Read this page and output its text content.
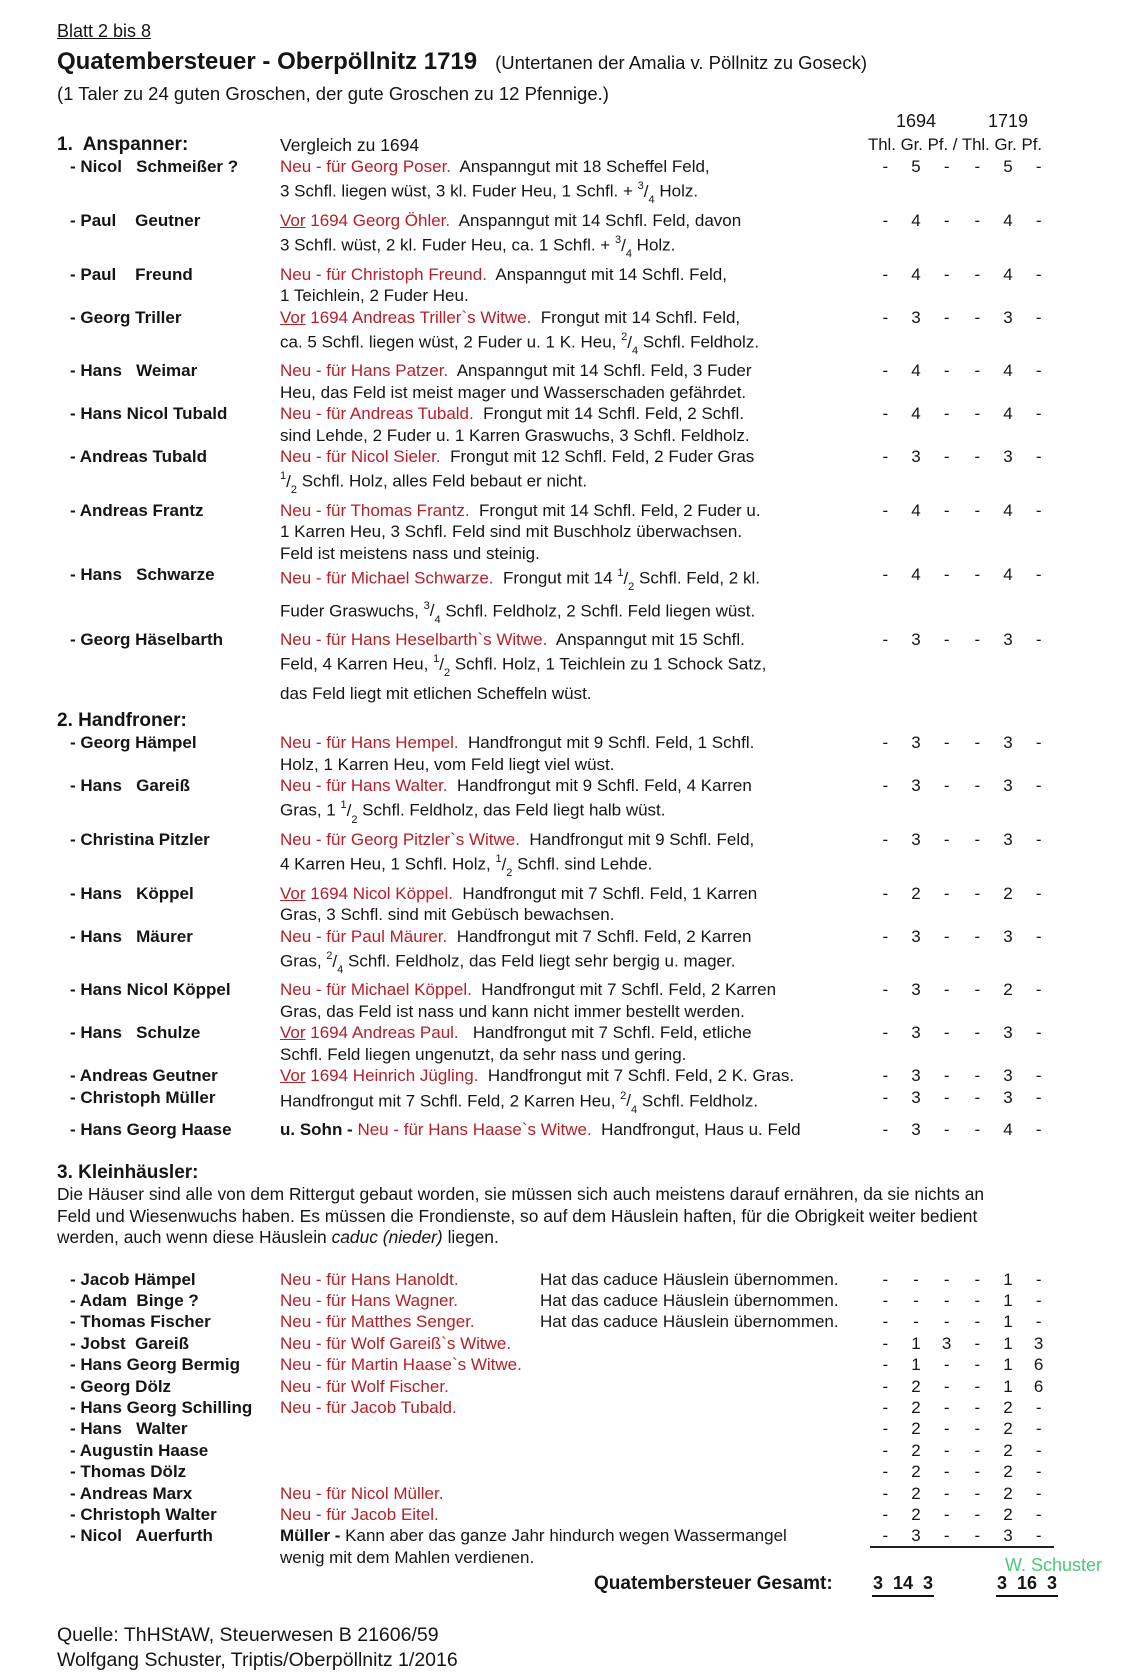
Blatt 2 bis 8
Quatembersteuer - Oberpöllnitz 1719 (Untertanen der Amalia v. Pöllnitz zu Goseck)
(1 Taler zu 24 guten Groschen, der gute Groschen zu 12 Pfennige.)
1694	1719
1.  Anspanner:	Vergleich zu 1694	Thl. Gr. Pf. / Thl. Gr. Pf.
- Nicol   Schmeißer ? Neu - für Georg Poser.  Anspanngut mit 18 Scheffel Feld,
3 Schfl. liegen wüst, 3 kl. Fuder Heu, 1 Schfl. + $^3/_4$ Holz.
-	5	-	-	5	-
- Paul    Geutner	Vor 1694 Georg Öhler.  Anspanngut mit 14 Schfl. Feld, davon
3 Schfl. wüst, 2 kl. Fuder Heu, ca. 1 Schfl. + $^3/_4$ Holz.
-	4	-	-	4	-
- Paul    Freund	Neu - für Christoph Freund.  Anspanngut mit 14 Schfl. Feld,
1 Teichlein, 2 Fuder Heu.
-	4	-	-	4	-
- Georg Triller	Vor 1694 Andreas Triller`s Witwe.  Frongut mit 14 Schfl. Feld,
ca. 5 Schfl. liegen wüst, 2 Fuder u. 1 K. Heu, $^2/_4$ Schfl. Feldholz.
-	3	-	-	3	-
- Hans   Weimar	Neu - für Hans Patzer.  Anspanngut mit 14 Schfl. Feld, 3 Fuder
Heu, das Feld ist meist mager und Wasserschaden gefährdet.
-	4	-	-	4	-
- Hans Nicol Tubald	Neu - für Andreas Tubald.  Frongut mit 14 Schfl. Feld, 2 Schfl.
sind Lehde, 2 Fuder u. 1 Karren Graswuchs, 3 Schfl. Feldholz.
-	4	-	-	4	-
- Andreas Tubald	Neu - für Nicol Sieler.  Frongut mit 12 Schfl. Feld, 2 Fuder Gras
$^1/_2$ Schfl. Holz, alles Feld bebaut er nicht.
-	3	-	-	3	-
- Andreas Frantz	Neu - für Thomas Frantz.  Frongut mit 14 Schfl. Feld, 2 Fuder u.
1 Karren Heu, 3 Schfl. Feld sind mit Buschholz überwachsen.
Feld ist meistens nass und steinig.
-	4	-	-	4	-
- Hans   Schwarze	Neu - für Michael Schwarze.  Frongut mit 14 $^1/_2$ Schfl. Feld, 2 kl.
Fuder Graswuchs, $^3/_4$ Schfl. Feldholz, 2 Schfl. Feld liegen wüst.
-	4	-	-	4	-
- Georg Häselbarth	Neu - für Hans Heselbarth`s Witwe.  Anspanngut mit 15 Schfl.
Feld, 4 Karren Heu, $^1/_2$ Schfl. Holz, 1 Teichlein zu 1 Schock Satz,
das Feld liegt mit etlichen Scheffeln wüst.
-	3	-	-	3	-
2. Handfroner:
- Georg Hämpel	Neu - für Hans Hempel.  Handfrongut mit 9 Schfl. Feld, 1 Schfl.
Holz, 1 Karren Heu, vom Feld liegt viel wüst.
-	3	-	-	3	-
- Hans   Gareiß	Neu - für Hans Walter.  Handfrongut mit 9 Schfl. Feld, 4 Karren
Gras, 1 $^1/_2$ Schfl. Feldholz, das Feld liegt halb wüst.
-	3	-	-	3	-
- Christina Pitzler	Neu - für Georg Pitzler`s Witwe.  Handfrongut mit 9 Schfl. Feld,
4 Karren Heu, 1 Schfl. Holz, $^1/_2$ Schfl. sind Lehde.
-	3	-	-	3	-
- Hans   Köppel	Vor 1694 Nicol Köppel.  Handfrongut mit 7 Schfl. Feld, 1 Karren
Gras, 3 Schfl. sind mit Gebüsch bewachsen.
-	2	-	-	2	-
- Hans   Mäurer	Neu - für Paul Mäurer.  Handfrongut mit 7 Schfl. Feld, 2 Karren
Gras, $^2/_4$ Schfl. Feldholz, das Feld liegt sehr bergig u. mager.
-	3	-	-	3	-
- Hans Nicol Köppel	Neu - für Michael Köppel.  Handfrongut mit 7 Schfl. Feld, 2 Karren
Gras, das Feld ist nass und kann nicht immer bestellt werden.
-	3	-	-	2	-
- Hans   Schulze	Vor 1694 Andreas Paul.   Handfrongut mit 7 Schfl. Feld, etliche
Schfl. Feld liegen ungenutzt, da sehr nass und gering.
-	3	-	-	3	-
- Andreas Geutner	Vor 1694 Heinrich Jügling.  Handfrongut mit 7 Schfl. Feld, 2 K. Gras.	-	3	-	-	3	-
- Christoph Müller	Handfrongut mit 7 Schfl. Feld, 2 Karren Heu, $^2/_4$ Schfl. Feldholz.	-	3	-	-	3	-
- Hans Georg Haase	u. Sohn - Neu - für Hans Haase`s Witwe.  Handfrongut, Haus u. Feld	-	3	-	-	4	-
3. Kleinhäusler:
Die Häuser sind alle von dem Rittergut gebaut worden, sie müssen sich auch meistens darauf ernähren, da sie nichts an
Feld und Wiesenwuchs haben. Es müssen die Frondienste, so auf dem Häuslein haften, für die Obrigkeit weiter bedient
werden, auch wenn diese Häuslein caduc (nieder) liegen.
- Jacob Hämpel	Neu - für Hans Hanoldt.	Hat das caduce Häuslein übernommen.	-	-	-	-	1	-
- Adam  Binge ?	Neu - für Hans Wagner.	Hat das caduce Häuslein übernommen.	-	-	-	-	1	-
- Thomas Fischer	Neu - für Matthes Senger.	Hat das caduce Häuslein übernommen.	-	-	-	-	1	-
- Jobst  Gareiß	Neu - für Wolf Gareiß`s Witwe.	-	1	3	-	1	3
- Hans Georg Bermig Neu - für Martin Haase`s Witwe.	-	1	-	-	1	6
- Georg Dölz	Neu - für Wolf Fischer.	-	2	-	-	1	6
- Hans Georg Schilling Neu - für Jacob Tubald.	-	2	-	-	2	-
- Hans   Walter	-	2	-	-	2	-
- Augustin Haase	-	2	-	-	2	-
- Thomas Dölz	-	2	-	-	2	-
- Andreas Marx	Neu - für Nicol Müller.	-	2	-	-	2	-
- Christoph Walter	Neu - für Jacob Eitel.	-	2	-	-	2	-
- Nicol   Auerfurth	Müller - Kann aber das ganze Jahr hindurch wegen Wassermangel
wenig mit dem Mahlen verdienen.
-	3	-	-	3	-
Quatembersteuer Gesamt: 3  14  3	3  16  3
Quelle: ThHStAW, Steuerwesen B 21606/59
Wolfgang Schuster, Triptis/Oberpöllnitz 1/2016
W. Schuster
